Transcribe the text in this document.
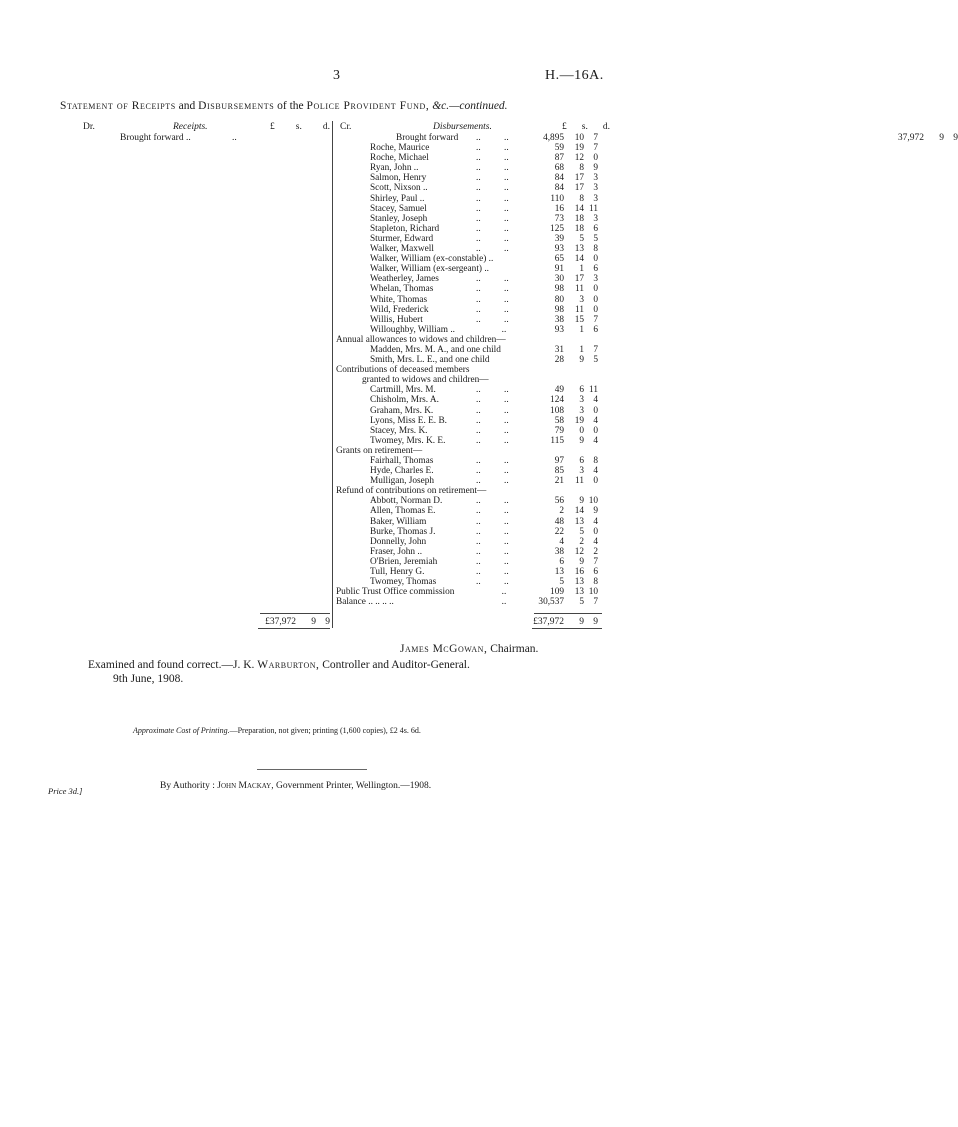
3	H.—16A.
Statement of Receipts and Disbursements of the Police Provident Fund, &c.—continued.
Dr.	Receipts.	£ s. d.
Brought forward ..	..	37,972	9 9
£37,972	9 9
Cr.	Disbursements.	£ s. d.
Brought forward ..	..	4,895	10	7
Roche, Maurice	..	..	59	19	7
Roche, Michael	..	..	87	12	0
Ryan, John ..	..	..	68	8	9
Salmon, Henry	..	..	84	17	3
Scott, Nixson ..	..	..	84	17	3
Shirley, Paul ..	..	..	110	8	3
Stacey, Samuel	..	..	16	14 11
Stanley, Joseph	..	..	73	18	3
Stapleton, Richard	..	..	125	18	6
Sturmer, Edward	..	..	39	5	5
Walker, Maxwell	..	..	93	13	8
Walker, William (ex-constable) ..	65	14	0
Walker, William (ex-sergeant) ..	91	1	6
Weatherley, James	..	..	30	17	3
Whelan, Thomas	..	..	98	11	0
White, Thomas	..	..	80	3	0
Wild, Frederick	..	..	98	11	0
Willis, Hubert	..	..	38	15	7
Willoughby, William ..	..	93	1	6
Annual allowances to widows and children—
Madden, Mrs. M. A., and one child	31	1	7
Smith, Mrs. L. E., and one child	28	9	5
Contributions of deceased members
granted to widows and children—
Cartmill, Mrs. M.	..	..	49	6 11
Chisholm, Mrs. A.	..	..	124	3	4
Graham, Mrs. K.	..	..	108	3	0
Lyons, Miss E. E. B.	..	..	58	19	4
Stacey, Mrs. K.	..	..	79	0	0
Twomey, Mrs. K. E.	..	..	115	9	4
Grants on retirement—
Fairhall, Thomas	..	..	97	6	8
Hyde, Charles E.	..	..	85	3	4
Mulligan, Joseph	..	..	21	11	0
Refund of contributions on retirement—
Abbott, Norman D.	..	..	56	9 10
Allen, Thomas E.	..	..	2	14	9
Baker, William	..	..	48	13	4
Burke, Thomas J.	..	..	22	5	0
Donnelly, John	..	..	4	2	4
Fraser, John ..	..	..	38	12	2
O'Brien, Jeremiah	..	..	6	9	7
Tull, Henry G.	..	..	13	16	6
Twomey, Thomas	..	..	5	13	8
Public Trust Office commission	..	109	13 10
Balance .. .. .. ..	..	30,537	5	7
£37,972	9 9
James McGowan, Chairman.
Examined and found correct.—J. K. Warburton, Controller and Auditor-General.
9th June, 1908.
Approximate Cost of Printing.—Preparation, not given; printing (1,600 copies), £2 4s. 6d.
By Authority : John Mackay, Government Printer, Wellington.—1908.
Price 3d.]
